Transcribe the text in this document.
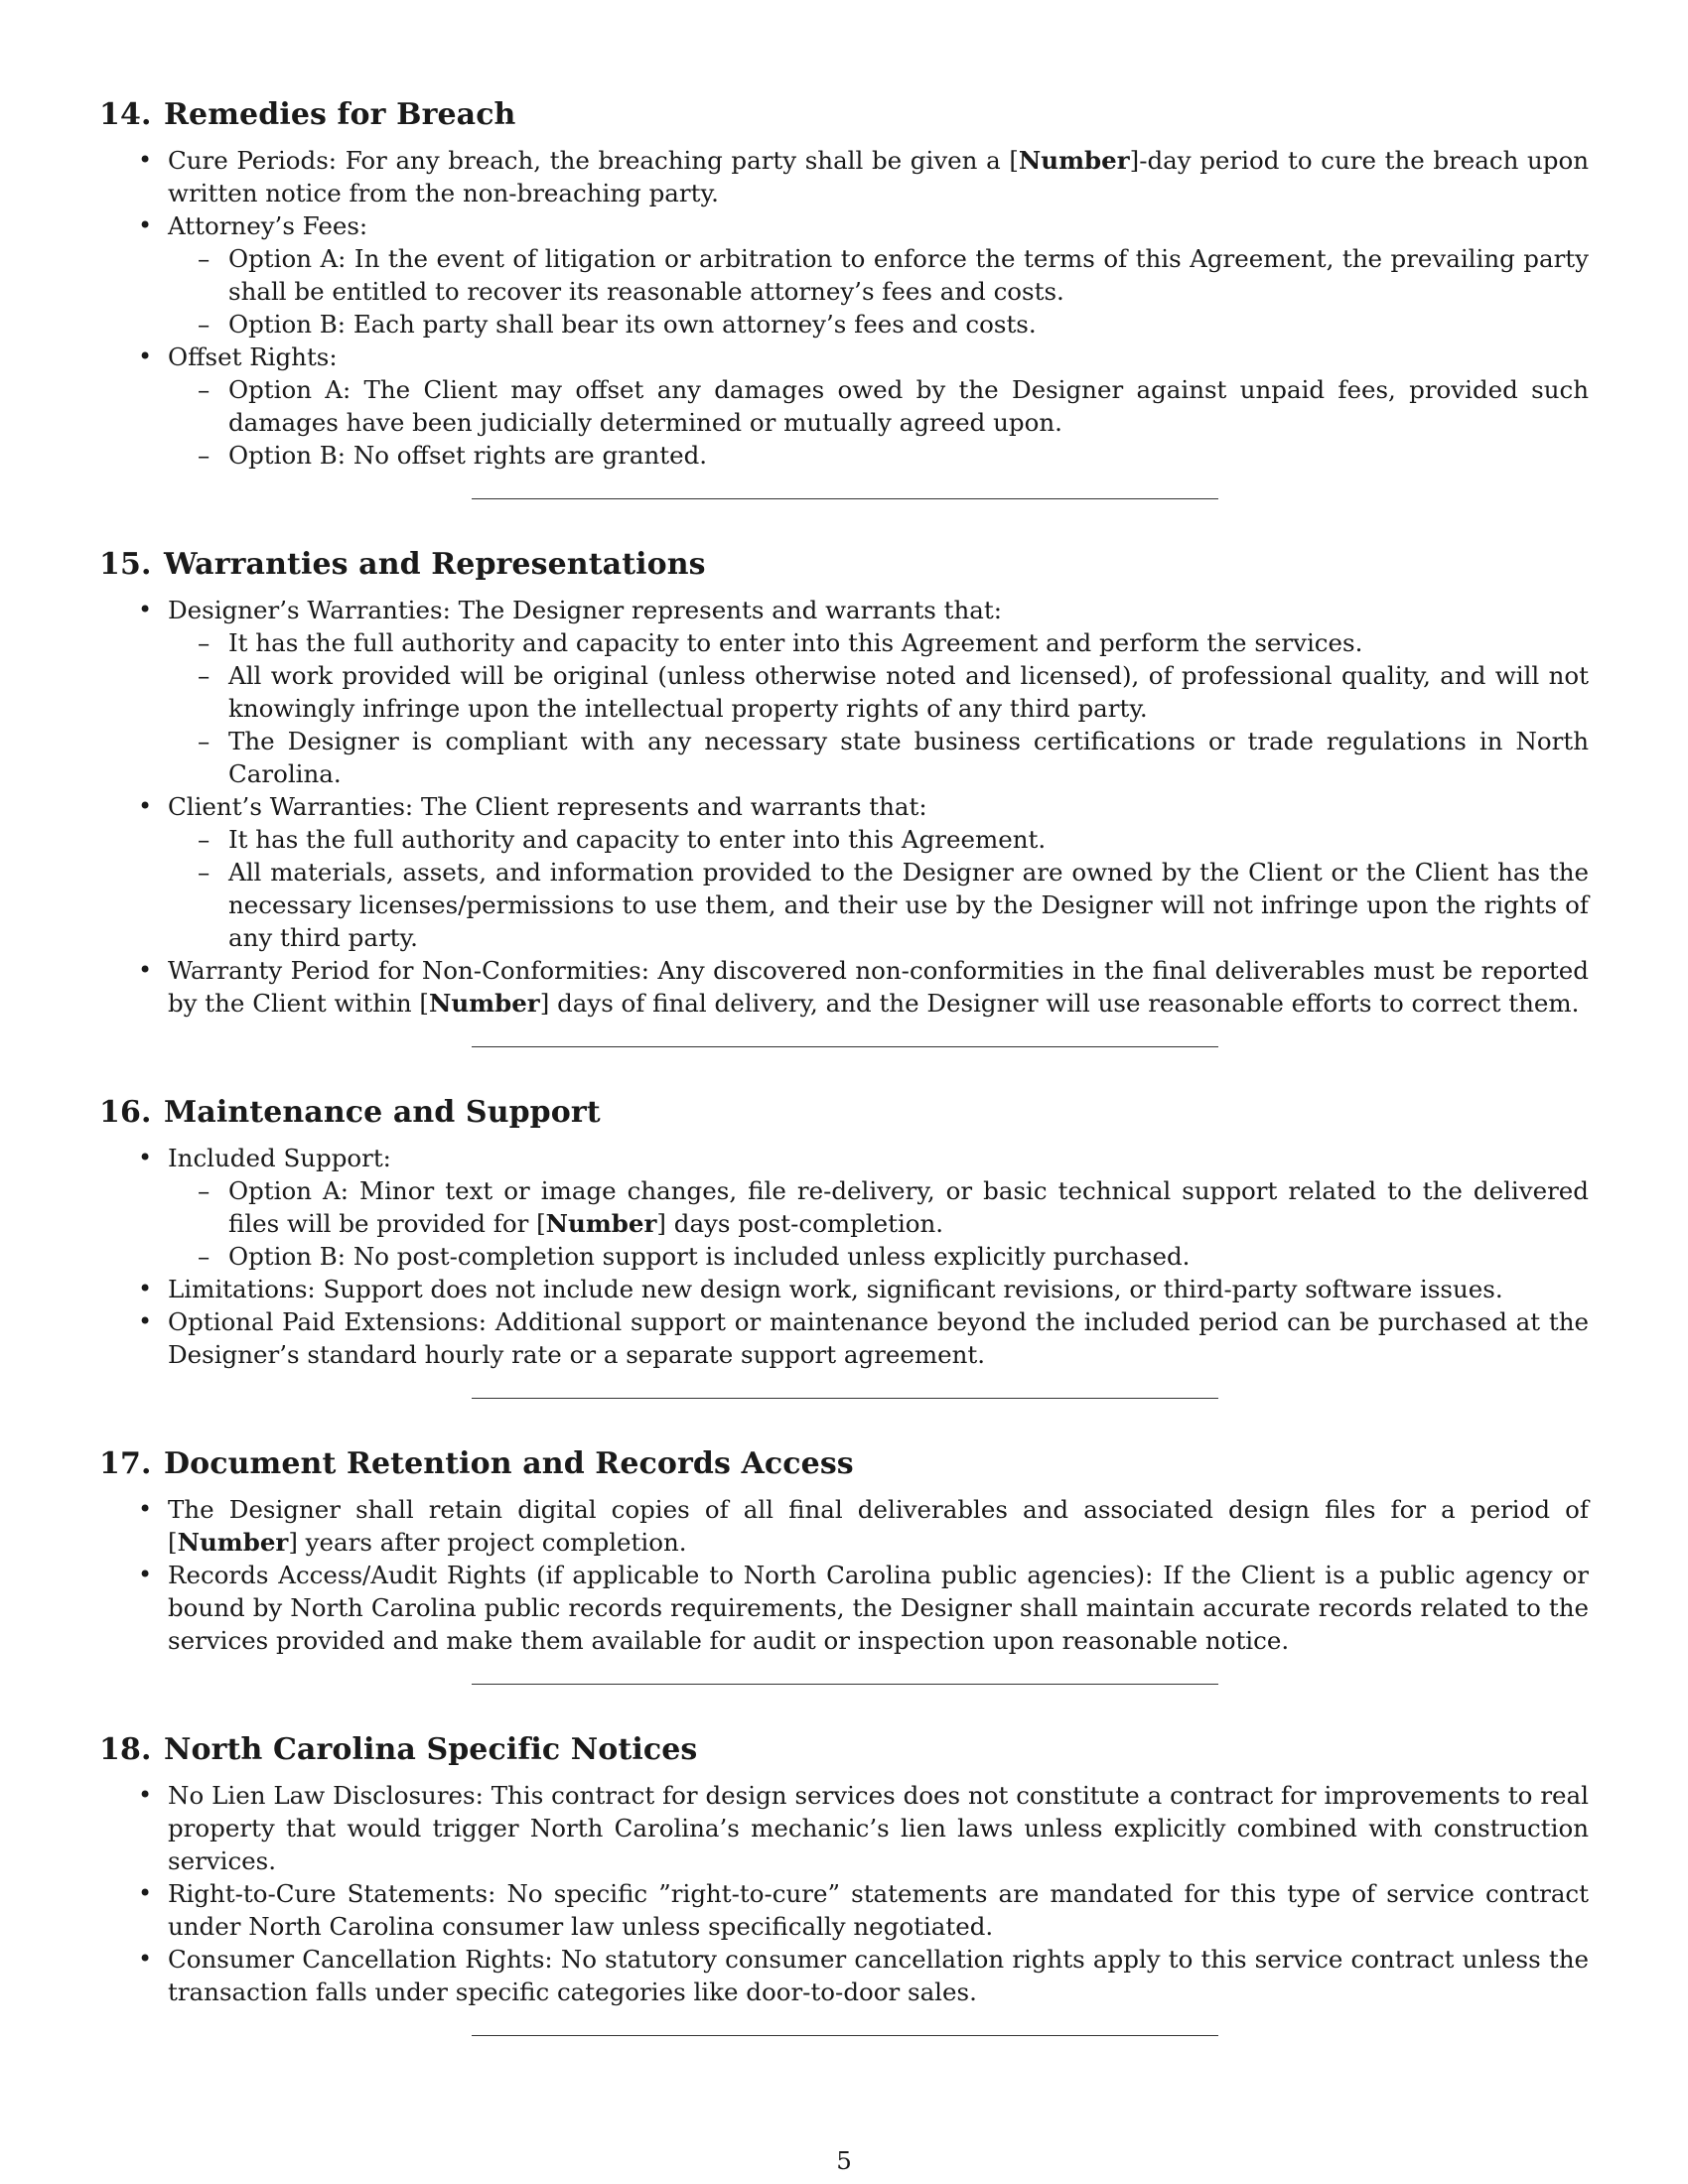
14. Remedies for Breach
• Cure Periods: For any breach, the breaching party shall be given a [Number]-day period to cure the breach upon written notice from the non-breaching party.
• Attorney’s Fees:
– Option A: In the event of litigation or arbitration to enforce the terms of this Agreement, the prevailing party shall be entitled to recover its reasonable attorney’s fees and costs.
– Option B: Each party shall bear its own attorney’s fees and costs.
• Offset Rights:
– Option A: The Client may offset any damages owed by the Designer against unpaid fees, provided such damages have been judicially determined or mutually agreed upon.
– Option B: No offset rights are granted.
15. Warranties and Representations
• Designer’s Warranties: The Designer represents and warrants that:
– It has the full authority and capacity to enter into this Agreement and perform the services.
– All work provided will be original (unless otherwise noted and licensed), of professional quality, and will not knowingly infringe upon the intellectual property rights of any third party.
– The Designer is compliant with any necessary state business certifications or trade regulations in North Carolina.
• Client’s Warranties: The Client represents and warrants that:
– It has the full authority and capacity to enter into this Agreement.
– All materials, assets, and information provided to the Designer are owned by the Client or the Client has the necessary licenses/permissions to use them, and their use by the Designer will not infringe upon the rights of any third party.
• Warranty Period for Non-Conformities: Any discovered non-conformities in the final deliverables must be reported by the Client within [Number] days of final delivery, and the Designer will use reasonable efforts to correct them.
16. Maintenance and Support
• Included Support:
– Option A: Minor text or image changes, file re-delivery, or basic technical support related to the delivered files will be provided for [Number] days post-completion.
– Option B: No post-completion support is included unless explicitly purchased.
• Limitations: Support does not include new design work, significant revisions, or third-party software issues.
• Optional Paid Extensions: Additional support or maintenance beyond the included period can be purchased at the Designer’s standard hourly rate or a separate support agreement.
17. Document Retention and Records Access
• The Designer shall retain digital copies of all final deliverables and associated design files for a period of [Number] years after project completion.
• Records Access/Audit Rights (if applicable to North Carolina public agencies): If the Client is a public agency or bound by North Carolina public records requirements, the Designer shall maintain accurate records related to the services provided and make them available for audit or inspection upon reasonable notice.
18. North Carolina Specific Notices
• No Lien Law Disclosures: This contract for design services does not constitute a contract for improvements to real property that would trigger North Carolina’s mechanic’s lien laws unless explicitly combined with construction services.
• Right-to-Cure Statements: No specific ”right-to-cure” statements are mandated for this type of service contract under North Carolina consumer law unless specifically negotiated.
• Consumer Cancellation Rights: No statutory consumer cancellation rights apply to this service contract unless the transaction falls under specific categories like door-to-door sales.
5
